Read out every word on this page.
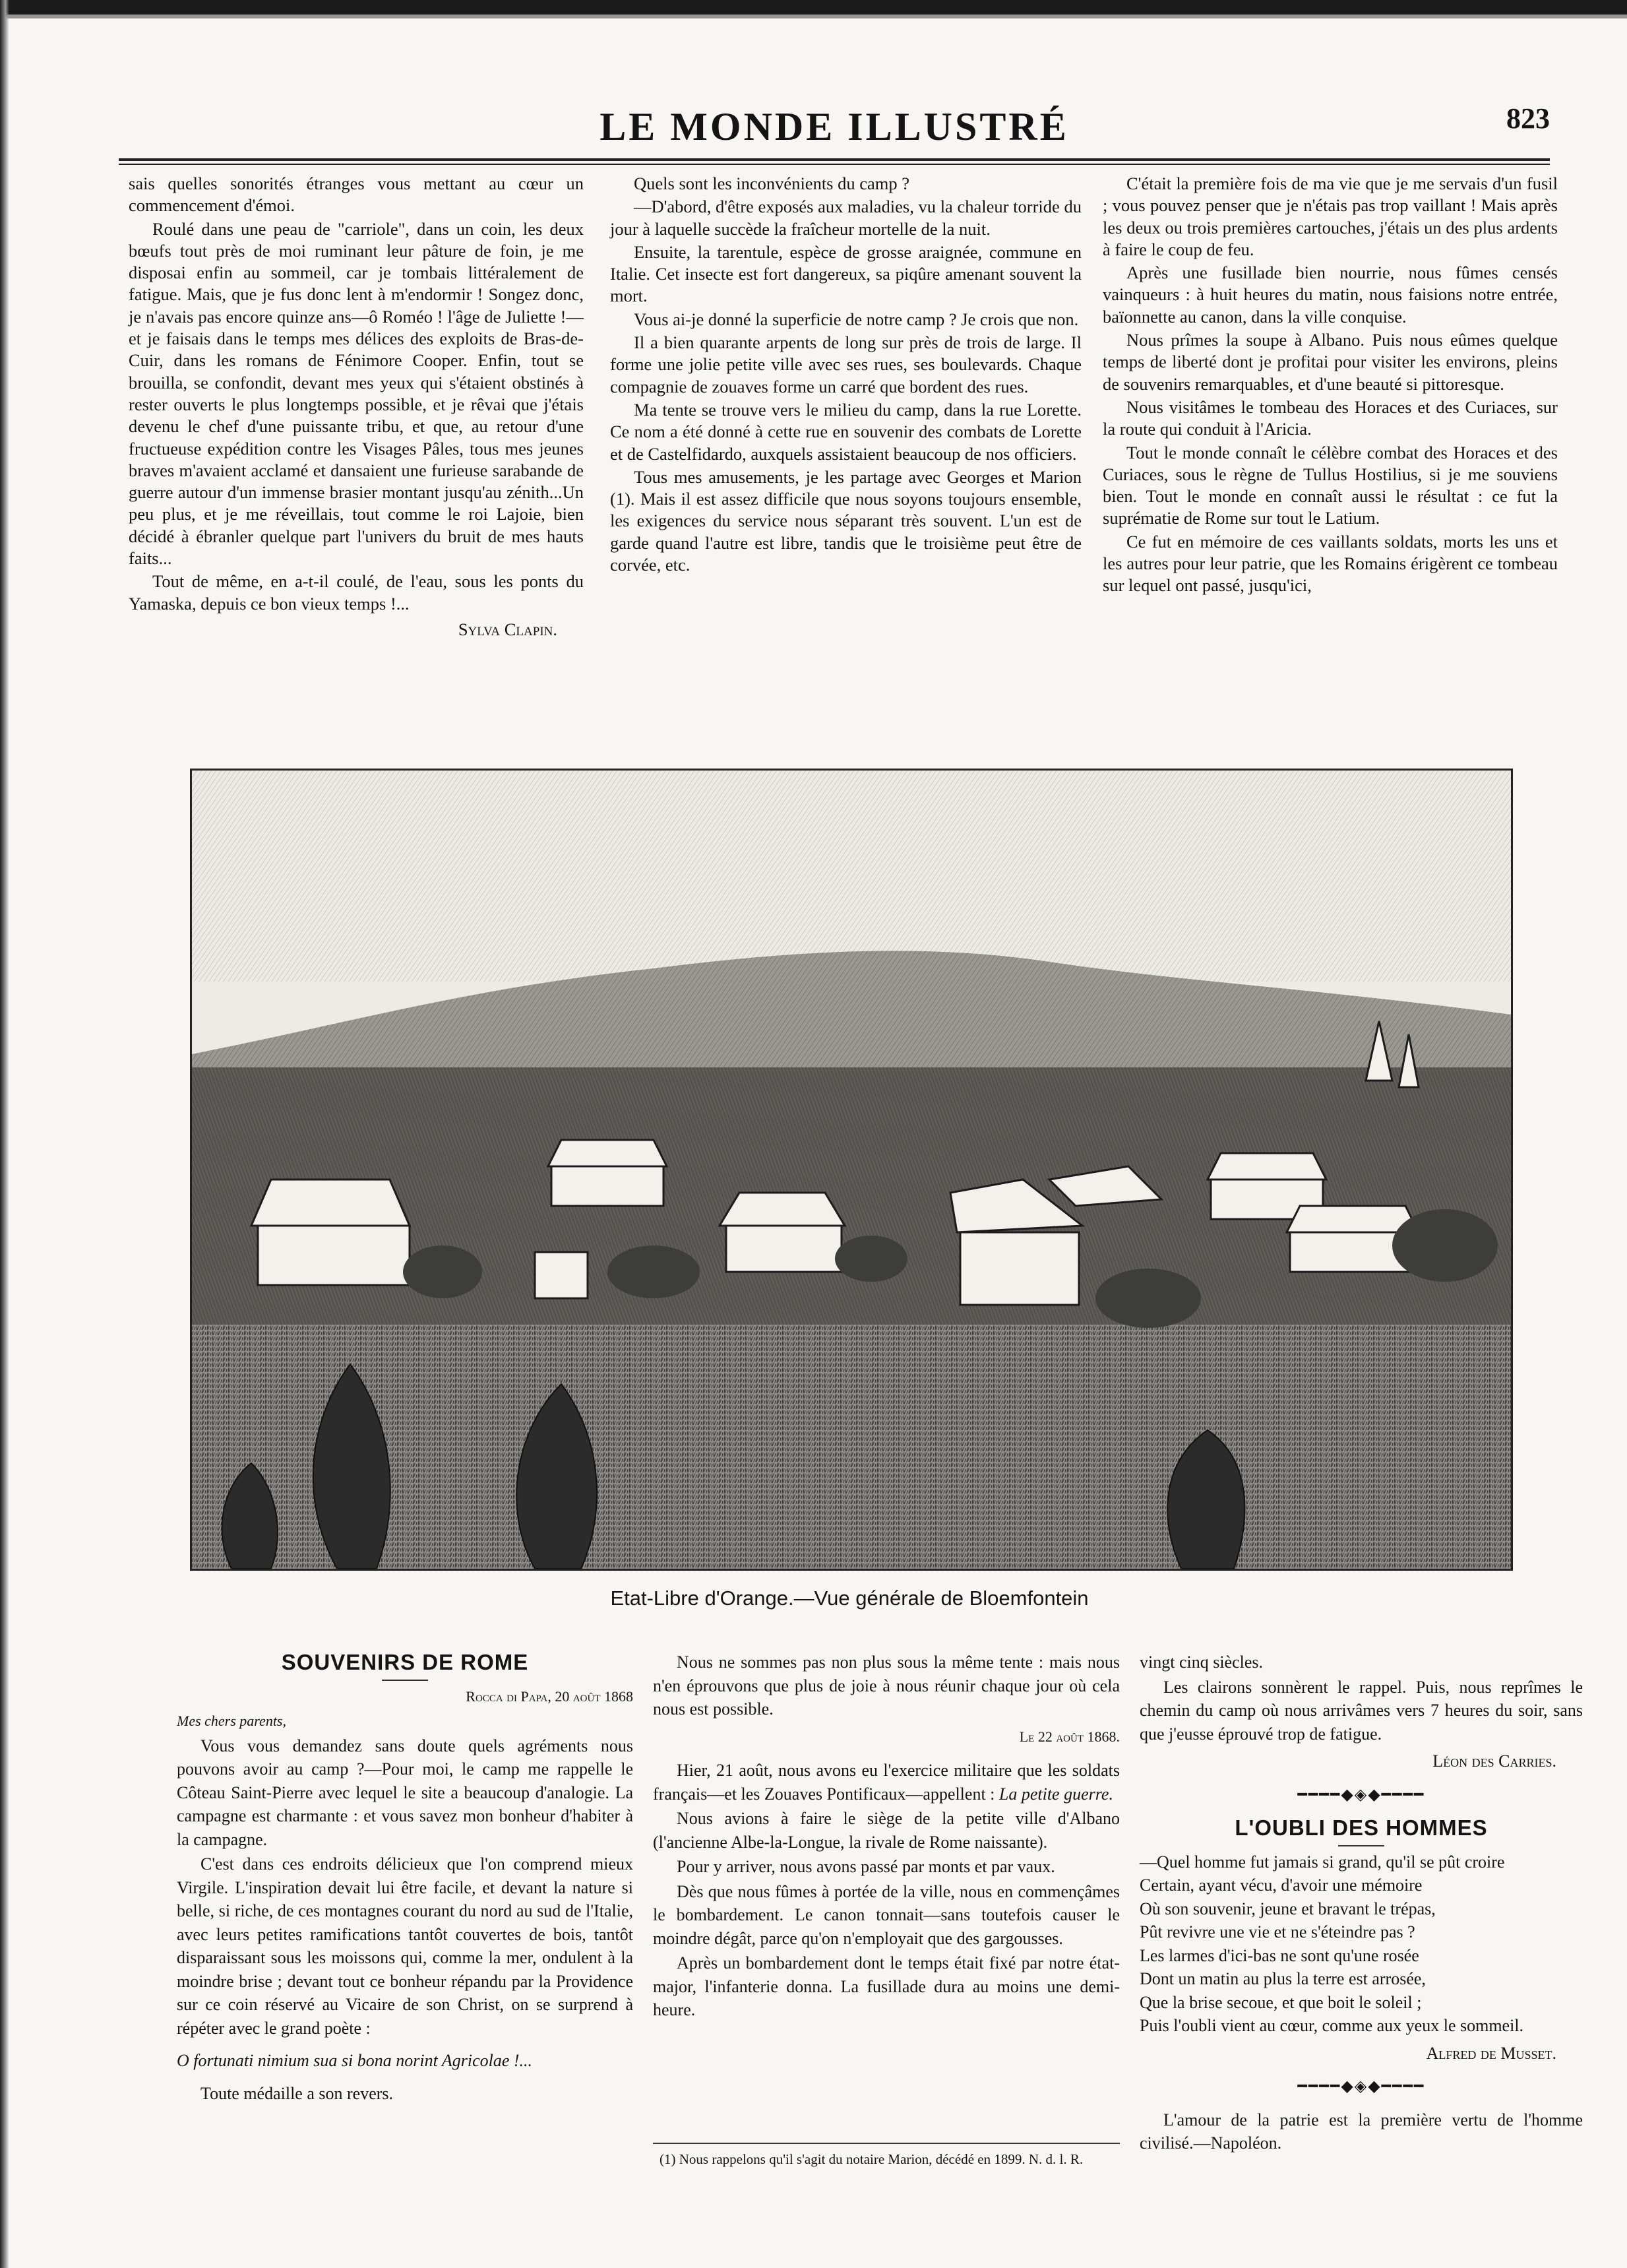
LE MONDE ILLUSTRÉ	823

sais quelles sonorités étranges vous mettant au cœur un commencement d'émoi.

Roulé dans une peau de "carriole", dans un coin, les deux bœufs tout près de moi ruminant leur pâture de foin, je me disposai enfin au sommeil, car je tombais littéralement de fatigue. Mais, que je fus donc lent à m'endormir ! Songez donc, je n'avais pas encore quinze ans—ô Roméo ! l'âge de Juliette !—et je faisais dans le temps mes délices des exploits de Bras-de-Cuir, dans les romans de Fénimore Cooper. Enfin, tout se brouilla, se confondit, devant mes yeux qui s'étaient obstinés à rester ouverts le plus longtemps possible, et je rêvai que j'étais devenu le chef d'une puissante tribu, et que, au retour d'une fructueuse expédition contre les Visages Pâles, tous mes jeunes braves m'avaient acclamé et dansaient une furieuse sarabande de guerre autour d'un immense brasier montant jusqu'au zénith...Un peu plus, et je me réveillais, tout comme le roi Lajoie, bien décidé à ébranler quelque part l'univers du bruit de mes hauts faits...

Tout de même, en a-t-il coulé, de l'eau, sous les ponts du Yamaska, depuis ce bon vieux temps !...

Sylva Clapin.

Quels sont les inconvénients du camp ?

—D'abord, d'être exposés aux maladies, vu la chaleur torride du jour à laquelle succède la fraîcheur mortelle de la nuit.

Ensuite, la tarentule, espèce de grosse araignée, commune en Italie. Cet insecte est fort dangereux, sa piqûre amenant souvent la mort.

Vous ai-je donné la superficie de notre camp ? Je crois que non.

Il a bien quarante arpents de long sur près de trois de large. Il forme une jolie petite ville avec ses rues, ses boulevards. Chaque compagnie de zouaves forme un carré que bordent des rues.

Ma tente se trouve vers le milieu du camp, dans la rue Lorette. Ce nom a été donné à cette rue en souvenir des combats de Lorette et de Castelfidardo, auxquels assistaient beaucoup de nos officiers.

Tous mes amusements, je les partage avec Georges et Marion (1). Mais il est assez difficile que nous soyons toujours ensemble, les exigences du service nous séparant très souvent. L'un est de garde quand l'autre est libre, tandis que le troisième peut être de corvée, etc.

C'était la première fois de ma vie que je me servais d'un fusil ; vous pouvez penser que je n'étais pas trop vaillant ! Mais après les deux ou trois premières cartouches, j'étais un des plus ardents à faire le coup de feu.

Après une fusillade bien nourrie, nous fûmes censés vainqueurs : à huit heures du matin, nous faisions notre entrée, baïonnette au canon, dans la ville conquise.

Nous prîmes la soupe à Albano. Puis nous eûmes quelque temps de liberté dont je profitai pour visiter les environs, pleins de souvenirs remarquables, et d'une beauté si pittoresque.

Nous visitâmes le tombeau des Horaces et des Curiaces, sur la route qui conduit à l'Aricia.

Tout le monde connaît le célèbre combat des Horaces et des Curiaces, sous le règne de Tullus Hostilius, si je me souviens bien. Tout le monde en connaît aussi le résultat : ce fut la suprématie de Rome sur tout le Latium.

Ce fut en mémoire de ces vaillants soldats, morts les uns et les autres pour leur patrie, que les Romains érigèrent ce tombeau sur lequel ont passé, jusqu'ici,

Etat-Libre d'Orange.—Vue générale de Bloemfontein

SOUVENIRS DE ROME

Rocca di Papa, 20 août 1868

Mes chers parents,

Vous vous demandez sans doute quels agréments nous pouvons avoir au camp ?—Pour moi, le camp me rappelle le Côteau Saint-Pierre avec lequel le site a beaucoup d'analogie. La campagne est charmante : et vous savez mon bonheur d'habiter à la campagne.

C'est dans ces endroits délicieux que l'on comprend mieux Virgile. L'inspiration devait lui être facile, et devant la nature si belle, si riche, de ces montagnes courant du nord au sud de l'Italie, avec leurs petites ramifications tantôt couvertes de bois, tantôt disparaissant sous les moissons qui, comme la mer, ondulent à la moindre brise ; devant tout ce bonheur répandu par la Providence sur ce coin réservé au Vicaire de son Christ, on se surprend à répéter avec le grand poète :

O fortunati nimium sua si bona norint Agricolae !...

Toute médaille a son revers.

Nous ne sommes pas non plus sous la même tente : mais nous n'en éprouvons que plus de joie à nous réunir chaque jour où cela nous est possible.

Le 22 août 1868.

Hier, 21 août, nous avons eu l'exercice militaire que les soldats français—et les Zouaves Pontificaux—appellent : La petite guerre.

Nous avions à faire le siège de la petite ville d'Albano (l'ancienne Albe-la-Longue, la rivale de Rome naissante).

Pour y arriver, nous avons passé par monts et par vaux.

Dès que nous fûmes à portée de la ville, nous en commençâmes le bombardement. Le canon tonnait—sans toutefois causer le moindre dégât, parce qu'on n'employait que des gargousses.

Après un bombardement dont le temps était fixé par notre état-major, l'infanterie donna. La fusillade dura au moins une demi-heure.

(1) Nous rappelons qu'il s'agit du notaire Marion, décédé en 1899. N. d. l. R.

vingt cinq siècles.

Les clairons sonnèrent le rappel. Puis, nous reprîmes le chemin du camp où nous arrivâmes vers 7 heures du soir, sans que j'eusse éprouvé trop de fatigue.

Léon des Carries.

━━━━◆◈◆━━━━

L'OUBLI DES HOMMES

—Quel homme fut jamais si grand, qu'il se pût croire

Certain, ayant vécu, d'avoir une mémoire

Où son souvenir, jeune et bravant le trépas,

Pût revivre une vie et ne s'éteindre pas ?

Les larmes d'ici-bas ne sont qu'une rosée

Dont un matin au plus la terre est arrosée,

Que la brise secoue, et que boit le soleil ;

Puis l'oubli vient au cœur, comme aux yeux le sommeil.

Alfred de Musset.

━━━━◆◈◆━━━━

L'amour de la patrie est la première vertu de l'homme civilisé.—Napoléon.
